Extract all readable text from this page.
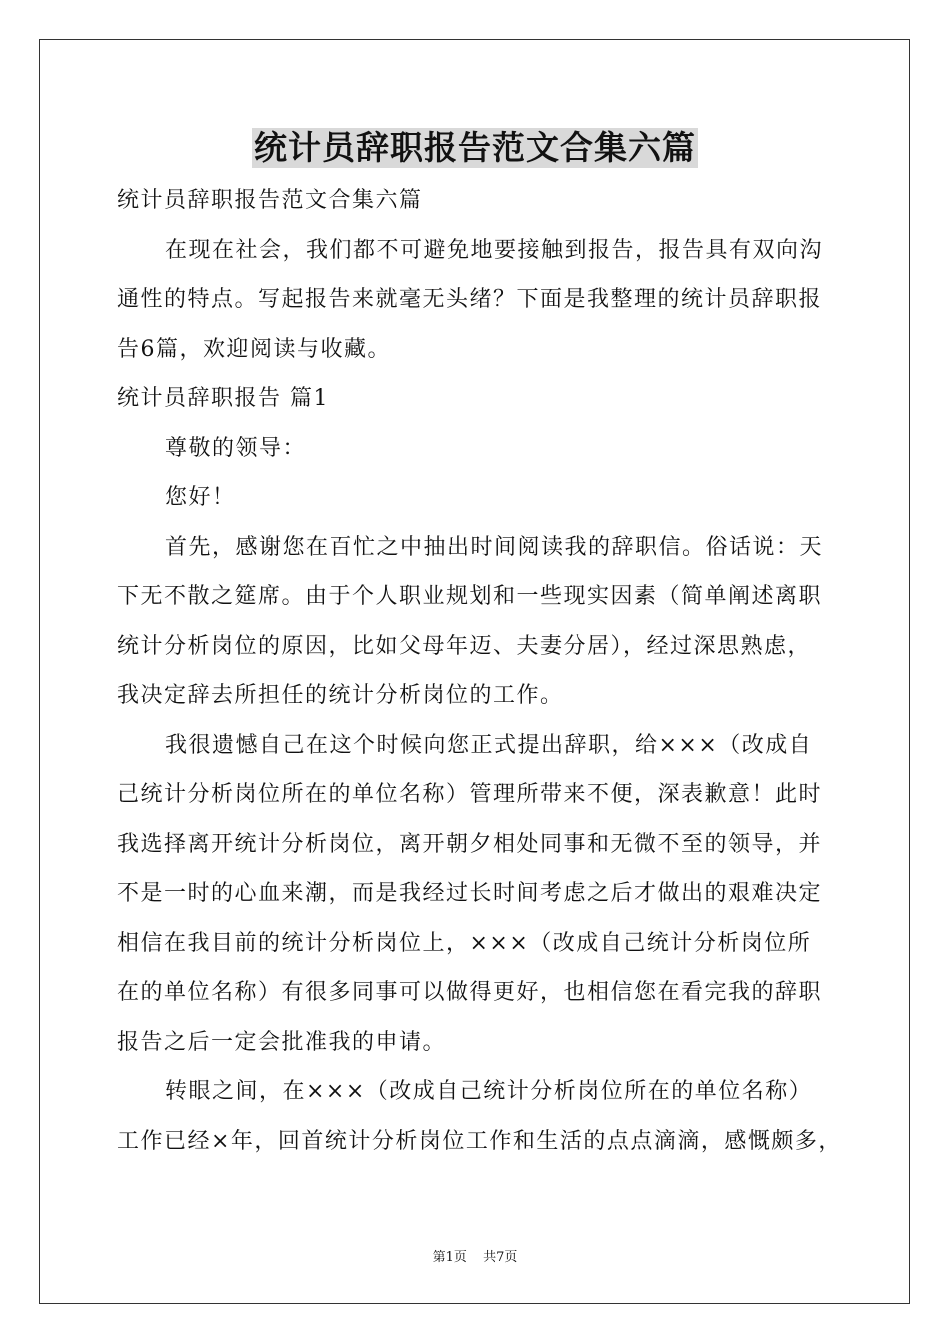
统计员辞职报告范文合集六篇
统计员辞职报告范文合集六篇
在现在社会，我们都不可避免地要接触到报告，报告具有双向沟
通性的特点。写起报告来就毫无头绪？下面是我整理的统计员辞职报
告6篇，欢迎阅读与收藏。
统计员辞职报告 篇1
尊敬的领导：
您好！
首先，感谢您在百忙之中抽出时间阅读我的辞职信。俗话说：天
下无不散之筵席。由于个人职业规划和一些现实因素（简单阐述离职
统计分析岗位的原因，比如父母年迈、夫妻分居），经过深思熟虑，
我决定辞去所担任的统计分析岗位的工作。
我很遗憾自己在这个时候向您正式提出辞职，给×××（改成自
己统计分析岗位所在的单位名称）管理所带来不便，深表歉意！此时
我选择离开统计分析岗位，离开朝夕相处同事和无微不至的领导，并
不是一时的心血来潮，而是我经过长时间考虑之后才做出的艰难决定
相信在我目前的统计分析岗位上，×××（改成自己统计分析岗位所
在的单位名称）有很多同事可以做得更好，也相信您在看完我的辞职
报告之后一定会批准我的申请。
转眼之间，在×××（改成自己统计分析岗位所在的单位名称）
工作已经×年，回首统计分析岗位工作和生活的点点滴滴，感慨颇多，
第1页 共7页
